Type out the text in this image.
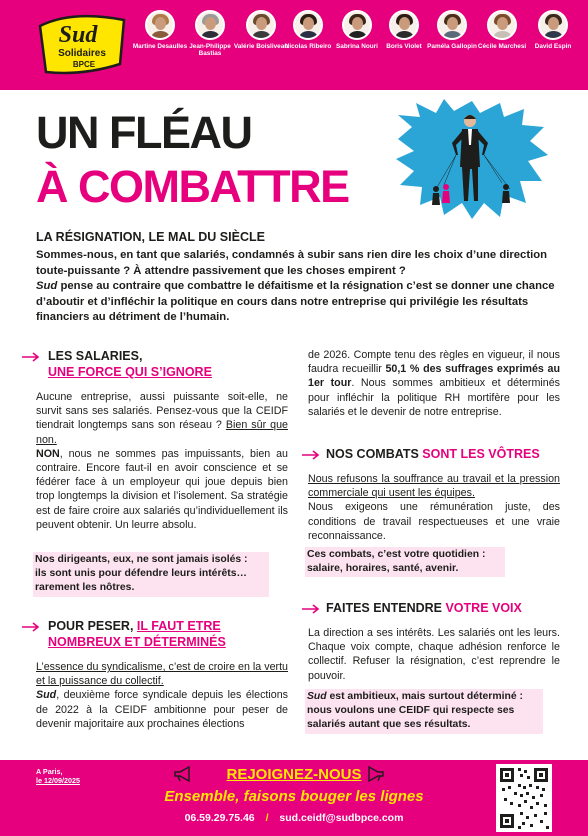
Sud
Solidaires
BPCE
Martine Desaulles Jean-Philippe Bastias
Valérie Boisliveau
Nicolas Ribeiro Sabrina Nouri	Boris Violet Paméla Gallopin Cécile Marchesi	David Espin
UN FLÉAU
À COMBATTRE
LA RÉSIGNATION, LE MAL DU SIÈCLE
Sommes-nous, en tant que salariés, condamnés à subir sans rien dire les choix d’une direction toute-puissante ? À attendre passivement que les choses empirent ?
Sud pense au contraire que combattre le défaitisme et la résignation c’est se donner une chance d’aboutir et d’infléchir la politique en cours dans notre entreprise qui privilégie les résultats financiers au détriment de l’humain.
LES SALARIES,
UNE FORCE QUI S’IGNORE
Aucune entreprise, aussi puissante soit-elle, ne survit sans ses salariés. Pensez-vous que la CEIDF tiendrait longtemps sans son réseau ? Bien sûr que non.
NON, nous ne sommes pas impuissants, bien au contraire. Encore faut-il en avoir conscience et se fédérer face à un employeur qui joue depuis bien trop longtemps la division et l’isolement. Sa stratégie est de faire croire aux salariés qu’individuellement ils peuvent obtenir. Un leurre absolu.
Nos dirigeants, eux, ne sont jamais isolés :
ils sont unis pour défendre leurs intérêts…
rarement les nôtres.
POUR PESER, IL FAUT ETRE
NOMBREUX ET DÉTERMINÉS
L’essence du syndicalisme, c’est de croire en la vertu et la puissance du collectif.
Sud, deuxième force syndicale depuis les élections de 2022 à la CEIDF ambitionne pour peser de devenir majoritaire aux prochaines élections
de 2026. Compte tenu des règles en vigueur, il nous faudra recueillir 50,1 % des suffrages exprimés au 1er tour. Nous sommes ambitieux et déterminés pour infléchir la politique RH mortifère pour les salariés et le devenir de notre entreprise.
NOS COMBATS SONT LES VÔTRES
Nous refusons la souffrance au travail et la pression commerciale qui usent les équipes.
Nous exigeons une rémunération juste, des conditions de travail respectueuses et une vraie reconnaissance.
Ces combats, c’est votre quotidien :
salaire, horaires, santé, avenir.
FAITES ENTENDRE VOTRE VOIX
La direction a ses intérêts. Les salariés ont les leurs. Chaque voix compte, chaque adhésion renforce le collectif. Refuser la résignation, c’est reprendre le pouvoir.
Sud est ambitieux, mais surtout déterminé :
nous voulons une CEIDF qui respecte ses
salariés autant que ses résultats.
A Paris,
le 12/09/2025	REJOIGNEZ-NOUS
Ensemble, faisons bouger les lignes
06.59.29.75.46 / sud.ceidf@sudbpce.com
